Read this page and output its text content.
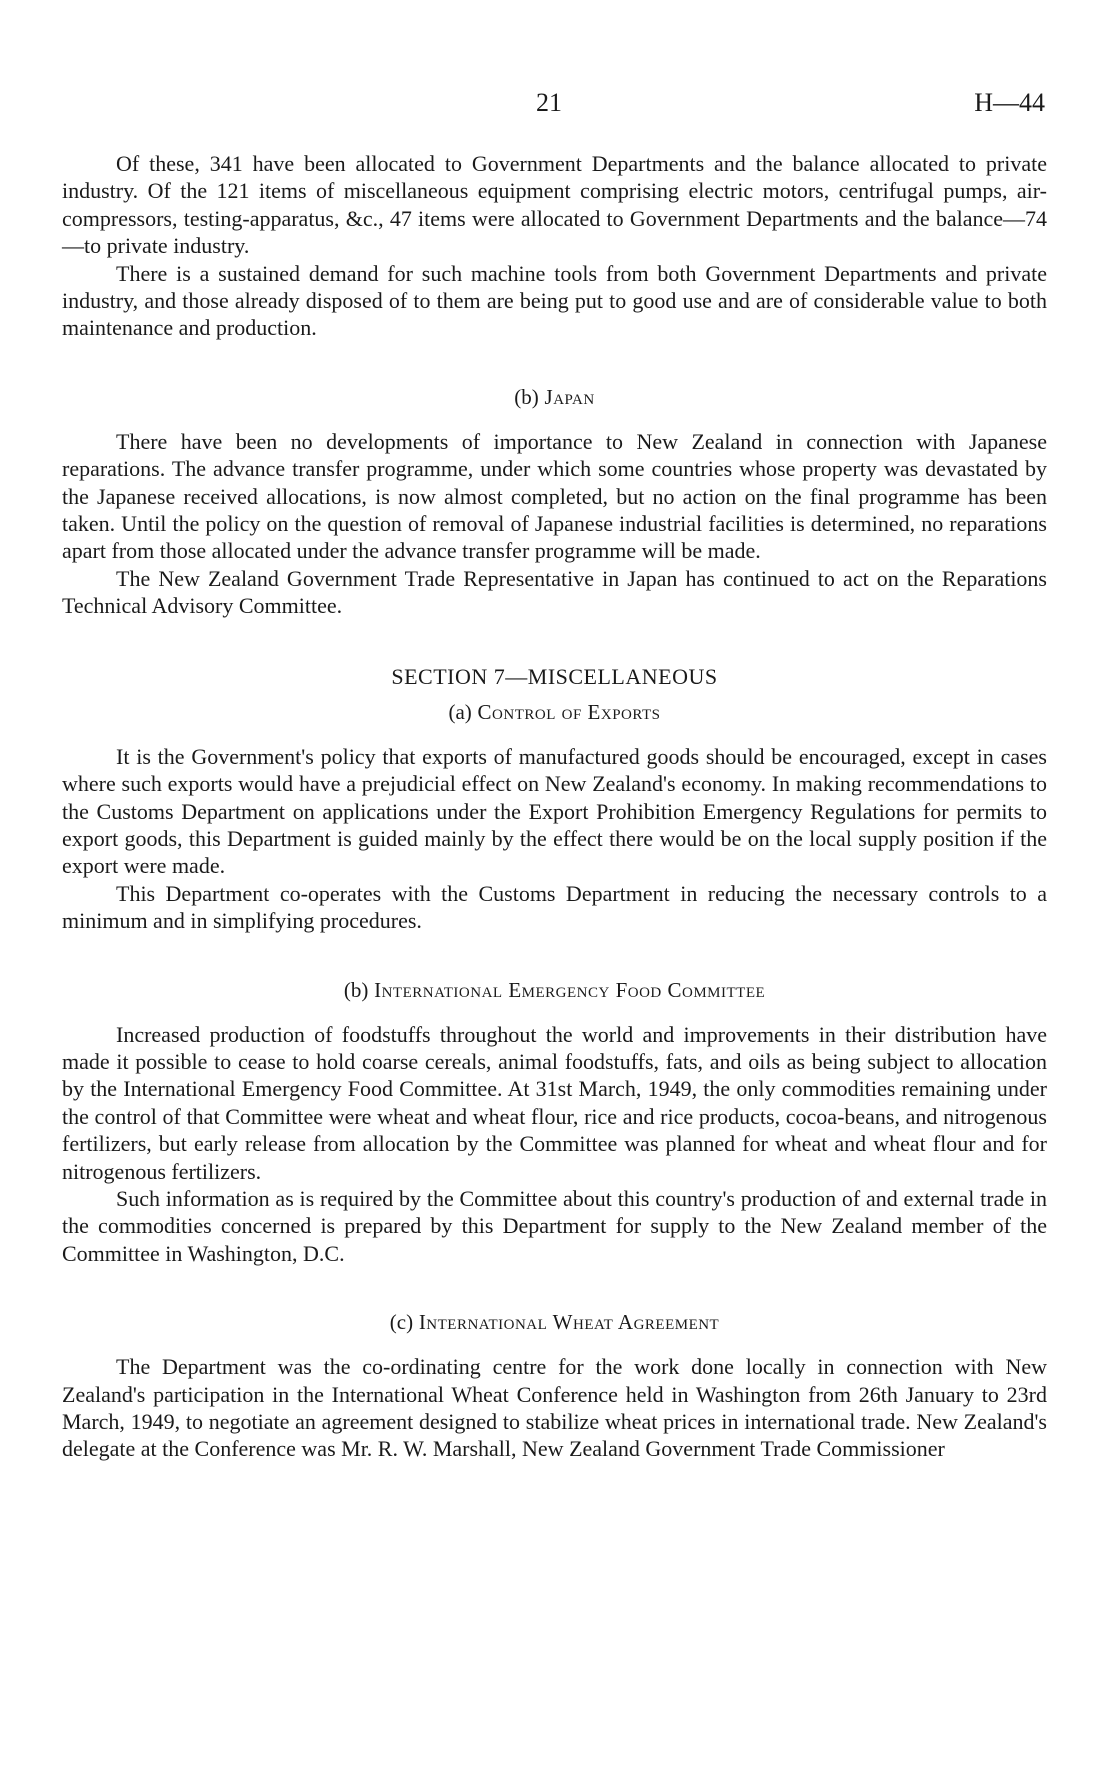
21	H—44

Of these, 341 have been allocated to Government Departments and the balance allocated to private industry. Of the 121 items of miscellaneous equipment comprising electric motors, centrifugal pumps, air-compressors, testing-apparatus, &c., 47 items were allocated to Government Departments and the balance—74—to private industry.

There is a sustained demand for such machine tools from both Government Departments and private industry, and those already disposed of to them are being put to good use and are of considerable value to both maintenance and production.

(b) Japan

There have been no developments of importance to New Zealand in connection with Japanese reparations. The advance transfer programme, under which some countries whose property was devastated by the Japanese received allocations, is now almost completed, but no action on the final programme has been taken. Until the policy on the question of removal of Japanese industrial facilities is determined, no reparations apart from those allocated under the advance transfer programme will be made.

The New Zealand Government Trade Representative in Japan has continued to act on the Reparations Technical Advisory Committee.

SECTION 7—MISCELLANEOUS
(a) Control of Exports

It is the Government's policy that exports of manufactured goods should be encouraged, except in cases where such exports would have a prejudicial effect on New Zealand's economy. In making recommendations to the Customs Department on applications under the Export Prohibition Emergency Regulations for permits to export goods, this Department is guided mainly by the effect there would be on the local supply position if the export were made.

This Department co-operates with the Customs Department in reducing the necessary controls to a minimum and in simplifying procedures.

(b) International Emergency Food Committee

Increased production of foodstuffs throughout the world and improvements in their distribution have made it possible to cease to hold coarse cereals, animal foodstuffs, fats, and oils as being subject to allocation by the International Emergency Food Committee. At 31st March, 1949, the only commodities remaining under the control of that Committee were wheat and wheat flour, rice and rice products, cocoa-beans, and nitrogenous fertilizers, but early release from allocation by the Committee was planned for wheat and wheat flour and for nitrogenous fertilizers.

Such information as is required by the Committee about this country's production of and external trade in the commodities concerned is prepared by this Department for supply to the New Zealand member of the Committee in Washington, D.C.

(c) International Wheat Agreement

The Department was the co-ordinating centre for the work done locally in connection with New Zealand's participation in the International Wheat Conference held in Washington from 26th January to 23rd March, 1949, to negotiate an agreement designed to stabilize wheat prices in international trade. New Zealand's delegate at the Conference was Mr. R. W. Marshall, New Zealand Government Trade Commissioner
